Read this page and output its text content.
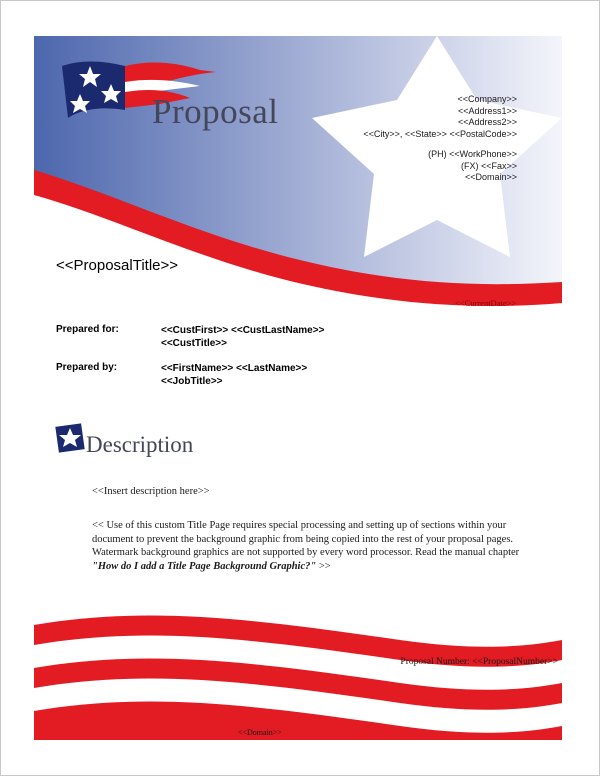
Proposal	<<Company>>
<<Address1>>
<<Address2>>
<<City>>, <<State>> <<PostalCode>>
(PH) <<WorkPhone>>
(FX) <<Fax>>
<<Domain>>
<<ProposalTitle>>
<<CurrentDate>>
Prepared for:	<<CustFirst>> <<CustLastName>>
<<CustTitle>>
Prepared by:	<<FirstName>> <<LastName>>
<<JobTitle>>
Description
<<Insert description here>>
<< Use of this custom Title Page requires special processing and setting up of sections within your
document to prevent the background graphic from being copied into the rest of your proposal pages.
Watermark background graphics are not supported by every word processor. Read the manual chapter
"How do I add a Title Page Background Graphic?" >>
Proposal Number: <<ProposalNumber>>
<<Domain>>
